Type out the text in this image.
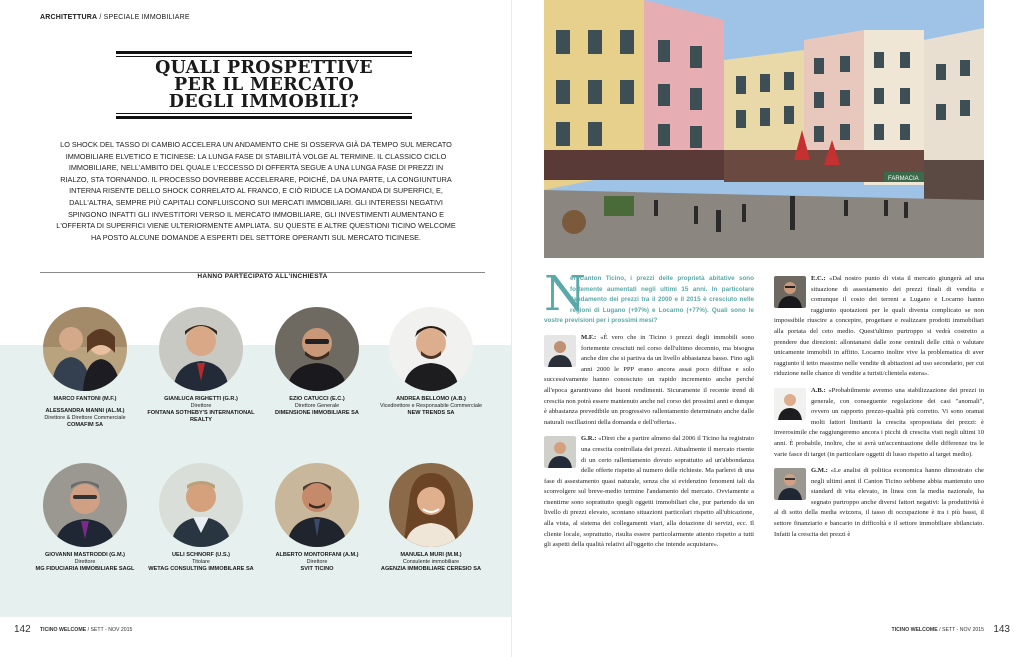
ARCHITETTURA / SPECIALE IMMOBILIARE
QUALI PROSPETTIVE
PER IL MERCATO
DEGLI IMMOBILI?
LO SHOCK DEL TASSO DI CAMBIO ACCELERA UN ANDAMENTO CHE SI OSSERVA GIÀ DA TEMPO SUL MERCATO IMMOBILIARE ELVETICO E TICINESE: LA LUNGA FASE DI STABILITÀ VOLGE AL TERMINE. IL CLASSICO CICLO IMMOBILIARE, NELL'AMBITO DEL QUALE L'ECCESSO DI OFFERTA SEGUE A UNA LUNGA FASE DI PREZZI IN RIALZO, STA TORNANDO. IL PROCESSO DOVREBBE ACCELERARE, POICHÉ, DA UNA PARTE, LA CONGIUNTURA INTERNA RISENTE DELLO SHOCK CORRELATO AL FRANCO, E CIÒ RIDUCE LA DOMANDA DI SUPERFICI, E, DALL'ALTRA, SEMPRE PIÙ CAPITALI CONFLUISCONO SUI MERCATI IMMOBILIARI. GLI INTERESSI NEGATIVI SPINGONO INFATTI GLI INVESTITORI VERSO IL MERCATO IMMOBILIARE, GLI INVESTIMENTI AUMENTANO E L'OFFERTA DI SUPERFICI VIENE ULTERIORMENTE AMPLIATA. SU QUESTE E ALTRE QUESTIONI TICINO WELCOME HA POSTO ALCUNE DOMANDE A ESPERTI DEL SETTORE OPERANTI SUL MERCATO TICINESE.
HANNO PARTECIPATO ALL'INCHIESTA
MARCO FANTONI (M.F.)
ALESSANDRA MANNI (AL.M.)
Direttore & Direttore Commerciale
COMAFIM SA
GIANLUCA RIGHETTI (G.R.)
Direttore
FONTANA SOTHEBY'S INTERNATIONAL REALTY
EZIO CATUCCI (E.C.)
Direttore Generale
DIMENSIONE IMMOBILIARE SA
ANDREA BELLOMO (A.B.)
Vicedirettore e Responsabile Commerciale
NEW TRENDS SA
GIOVANNI MASTRODDI (G.M.)
Direttore
MG FIDUCIARIA IMMOBILIARE SAGL
UELI SCHNORF (U.S.)
Titolare
WETAG CONSULTING IMMOBILARE SA
ALBERTO MONTORFANI (A.M.)
Direttore
SVIT TICINO
MANUELA MURI (M.M.)
Consulente immobiliare
AGENZIA IMMOBILIARE CERESIO SA
142 TICINO WELCOME / SETT - NOV 2015
FARMACIA

N
el Canton Ticino, i prezzi delle proprietà abitative sono fortemente aumentati negli ultimi 15 anni. In particolare l'andamento dei prezzi tra il 2000 e il 2015 è cresciuto nelle regioni di Lugano (+97%) e Locarno (+77%). Quali sono le vostre previsioni per i prossimi mesi?

M.F.: «È vero che in Ticino i prezzi degli immobili sono fortemente cresciuti nel corso dell'ultimo decennio, ma bisogna anche dire che si partiva da un livello abbastanza basso. Fino agli anni 2000 le PPP erano ancora assai poco diffuse e solo successivamente hanno conosciuto un rapido incremento anche perché all'epoca garantivano dei buoni rendimenti. Sicuramente il recente trend di crescita non potrà essere mantenuto anche nel corso dei prossimi anni e dunque è abbastanza prevedibile un progressivo rallentamento determinato anche dalle naturali oscillazioni della domanda e dell'offerta».

G.R.: «Direi che a partire almeno dal 2006 il Ticino ha registrato una crescita controllata dei prezzi. Attualmente il mercato risente di un certo rallentamento dovuto soprattutto ad un'abbondanza delle offerte rispetto al numero delle richieste. Ma parlerei di una fase di assestamento quasi naturale, senza che si evidenzino fenomeni tali da sconvolgere sul breve-medio termine l'andamento del mercato. Ovviamente a risentirne sono soprattutto quegli oggetti immobiliari che, pur partendo da un livello di prezzi elevato, scontano situazioni particolari rispetto all'ubicazione, alla vista, al sistema dei collegamenti viari, alla dotazione di servizi, ecc. Il cliente locale, soprattutto, risulta essere particolarmente attento rispetto a tutti gli aspetti della qualità relativi all'oggetto che intende acquistare».

E.C.: «Dal nostro punto di vista il mercato giungerà ad una situazione di assestamento dei prezzi finali di vendita e comunque il costo dei terreni a Lugano e Locarno hanno raggiunto quotazioni per le quali diventa complicato se non impossibile riuscire a concepire, progettare e realizzare prodotti immobiliari alla portata del ceto medio. Quest'ultimo purtroppo si vedrà costretto a prendere due direzioni: allontanarsi dalle zone centrali delle città o valutare unicamente immobili in affitto. Locarno inoltre vive la problematica di aver raggiunto il tetto massimo nelle vendite di abitazioni ad uso secondario, per cui riduzione nelle chance di vendite a turisti/clientela estera».

A.B.: «Probabilmente avremo una stabilizzazione dei prezzi in generale, con conseguente regolazione dei casi "anomali", ovvero un rapporto prezzo-qualità più corretto. Vi sono oramai molti fattori limitanti la crescita spropositata dei prezzi: è inverosimile che raggiungeremo ancora i picchi di crescita visti negli ultimi 10 anni. È probabile, inoltre, che si avrà un'accentuazione delle differenze tra le varie fasce di target (in particolare oggetti di lusso rispetto al target medio).

G.M.: «Le analisi di politica economica hanno dimostrato che negli ultimi anni il Canton Ticino sebbene abbia mantenuto uno standard di vita elevato, in linea con la media nazionale, ha segnato purtroppo anche diversi fattori negativi: la produttività è al di sotto della media svizzera, il tasso di occupazione è tra i più bassi, il settore finanziario e bancario in difficoltà e il settore immobiliare sbilanciato. Infatti la crescita dei prezzi è

TICINO WELCOME / SETT - NOV 2015 143
